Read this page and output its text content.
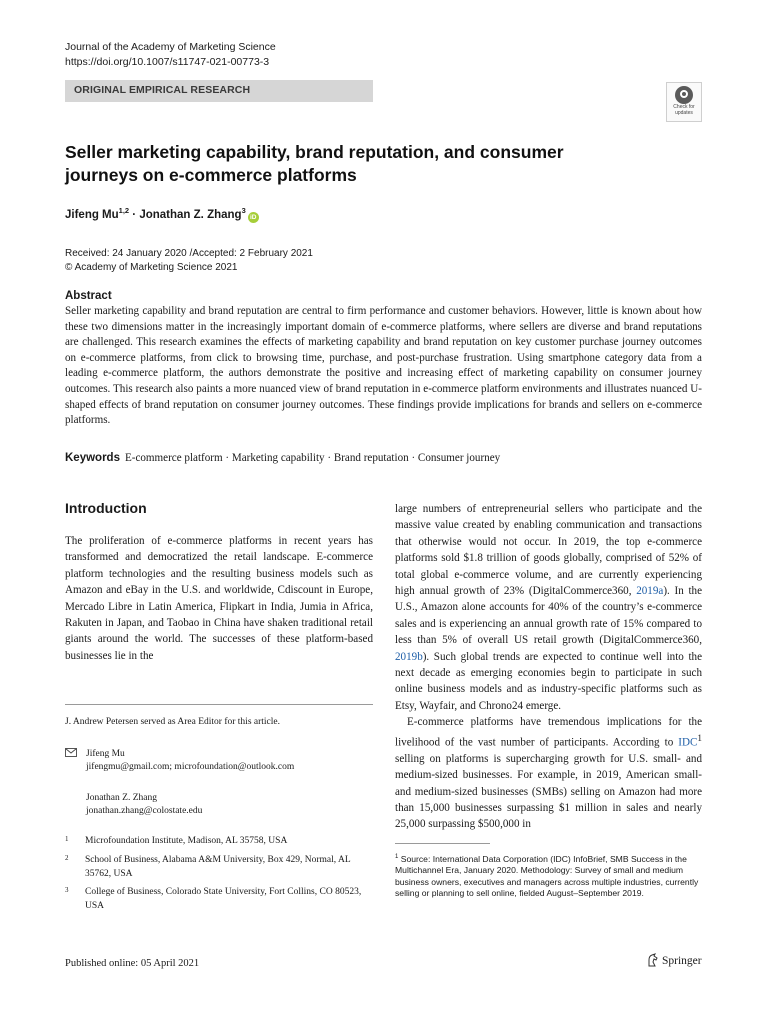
Journal of the Academy of Marketing Science
https://doi.org/10.1007/s11747-021-00773-3
ORIGINAL EMPIRICAL RESEARCH
Check for
updates
Seller marketing capability, brand reputation, and consumer journeys on e-commerce platforms
Jifeng Mu$^{1,2}$ · Jonathan Z. Zhang$^3$iD
Received: 24 January 2020 /Accepted: 2 February 2021
© Academy of Marketing Science 2021
Abstract

Seller marketing capability and brand reputation are central to firm performance and customer behaviors. However, little is known about how these two dimensions matter in the increasingly important domain of e-commerce platforms, where sellers are diverse and brand reputations are challenged. This research examines the effects of marketing capability and brand reputation on key customer purchase journey outcomes on e-commerce platforms, from click to browsing time, purchase, and post-purchase frustration. Using smartphone category data from a leading e-commerce platform, the authors demonstrate the positive and increasing effect of marketing capability on consumer journey outcomes. This research also paints a more nuanced view of brand reputation in e-commerce platform environments and illustrates nuanced U-shaped effects of brand reputation on consumer journey outcomes. These findings provide implications for brands and sellers on e-commerce platforms.

Keywords E-commerce platform · Marketing capability · Brand reputation · Consumer journey
Introduction

The proliferation of e-commerce platforms in recent years has transformed and democratized the retail landscape. E-commerce platform technologies and the resulting business models such as Amazon and eBay in the U.S. and worldwide, Cdiscount in Europe, Mercado Libre in Latin America, Flipkart in India, Jumia in Africa, Rakuten in Japan, and Taobao in China have shaken traditional retail giants around the world. The successes of these platform-based businesses lie in the

large numbers of entrepreneurial sellers who participate and the massive value created by enabling communication and transactions that otherwise would not occur. In 2019, the top e-commerce platforms sold $1.8 trillion of goods globally, comprised of 52% of total global e-commerce volume, and are currently experiencing high annual growth of 23% (DigitalCommerce360, 2019a). In the U.S., Amazon alone accounts for 40% of the country’s e-commerce sales and is experiencing an annual growth rate of 15% compared to less than 5% of overall US retail growth (DigitalCommerce360, 2019b). Such global trends are expected to continue well into the next decade as emerging economies begin to participate in such online business models and as industry-specific platforms such as Etsy, Wayfair, and Chrono24 emerge.

E-commerce platforms have tremendous implications for the livelihood of the vast number of participants. According to IDC$^1$ selling on platforms is supercharging growth for U.S. small- and medium-sized businesses. For example, in 2019, American small- and medium-sized businesses (SMBs) selling on Amazon had more than 15,000 businesses surpassing $1 million in sales and nearly 25,000 surpassing $500,000 in

J. Andrew Petersen served as Area Editor for this article.
Jifeng Mu
jifengmu@gmail.com; microfoundation@outlook.com
Jonathan Z. Zhang
jonathan.zhang@colostate.edu
1 Microfoundation Institute, Madison, AL 35758, USA
2 School of Business, Alabama A&M University, Box 429, Normal, AL 35762, USA
3 College of Business, Colorado State University, Fort Collins, CO 80523, USA
$^1$ Source: International Data Corporation (IDC) InfoBrief, SMB Success in the Multichannel Era, January 2020. Methodology: Survey of small and medium business owners, executives and managers across multiple industries, currently selling or planning to sell online, fielded August–September 2019.
Published online: 05 April 2021	Springer
